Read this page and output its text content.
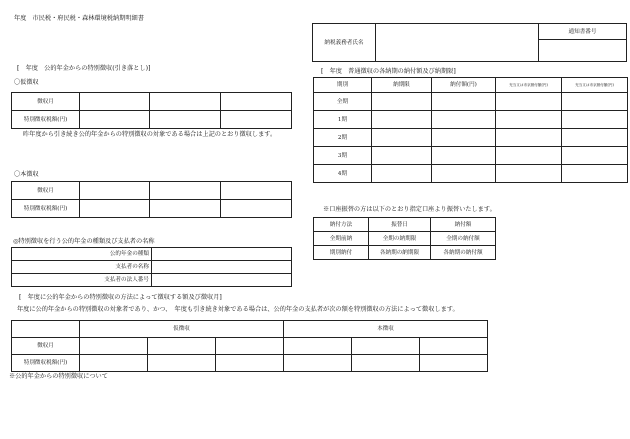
年度　市民税・府民税・森林環境税納期明細書
納税義務者氏名		通知書番号

[　年度　公的年金からの特別徴収(引き落とし)]
〇仮徴収
徴収月			
特別徴収税額(円)			
昨年度から引き続き公的年金からの特別徴収の対象である場合は上記のとおり徴収します。
〇本徴収
徴収月			
特別徴収税額(円)			
◎特別徴収を行う公的年金の種類及び支払者の名称
公的年金の種類	
支払者の名称	
支払者の法人番号	
[　年度　普通徴収の各納期の納付額及び納期限]
期別	納期限	納付額(円)	充当又は市京納付額(円)	充当又は市京納付額(円)
全期				
1期				
2期				
3期				
4期				
※口座振替の方は以下のとおり指定口座より振替いたします。
納付方法	振替日	納付額
全期前納	全期の納期限	全期の納付額
期別納付	各納期の納期限	各納期の納付額
[　年度に公的年金からの特別徴収の方法によって徴収する額及び徴収月]
年度に公的年金からの特別徴収の対象者であり、かつ、　年度も引き続き対象である場合は、公的年金の支払者が次の額を特別徴収の方法によって徴収します。
	仮徴収			本徴収		
徴収月						
特別徴収税額(円)						
※公的年金からの特別徴収について
